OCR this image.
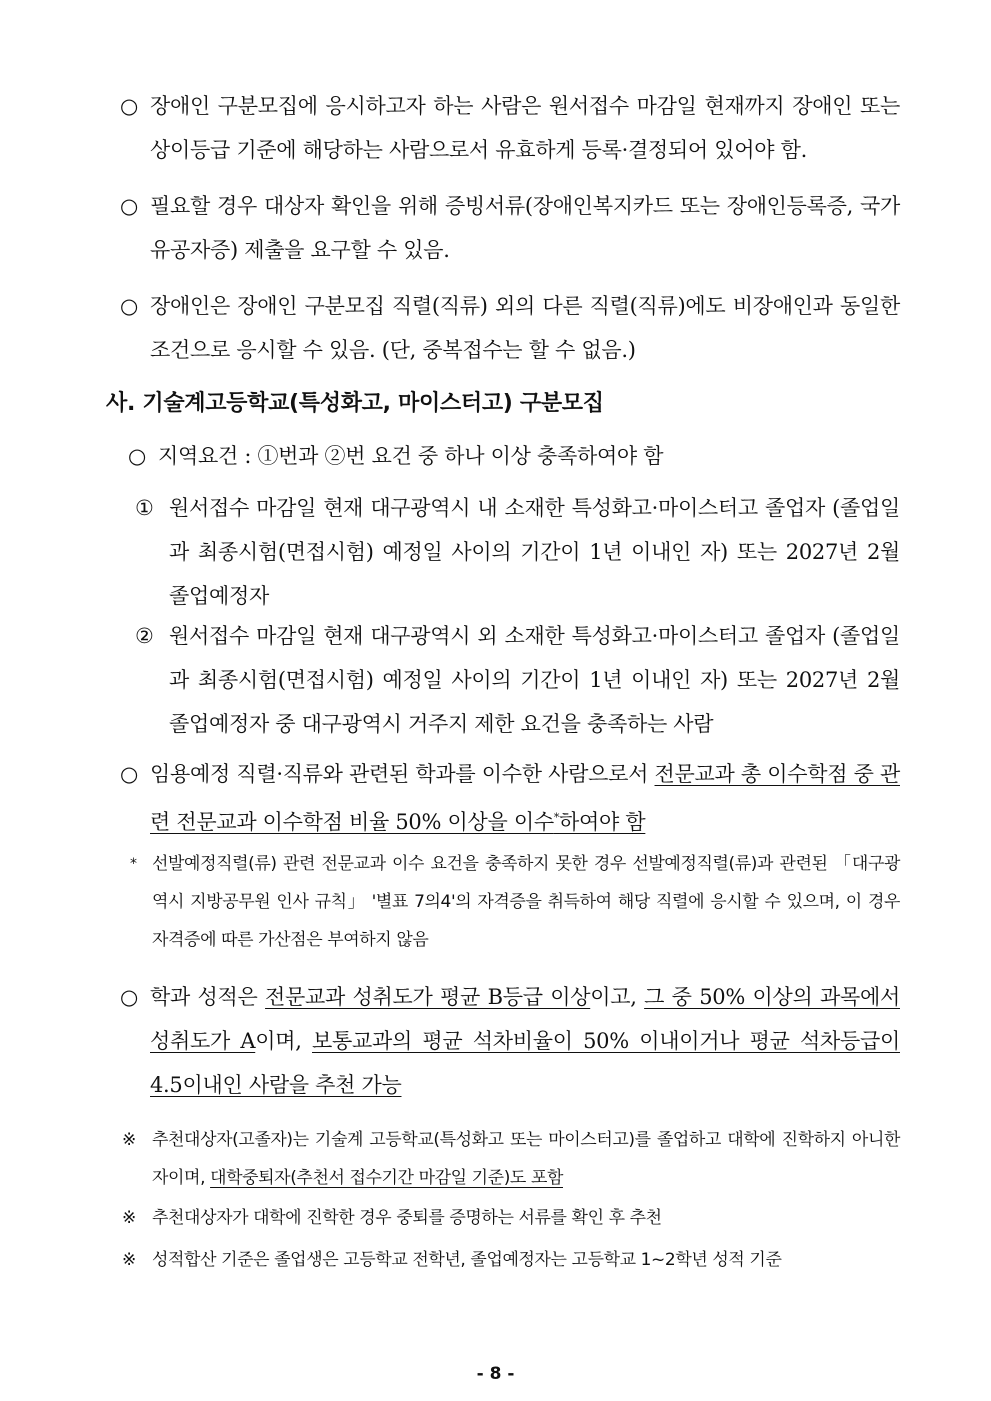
○ 장애인 구분모집에 응시하고자 하는 사람은 원서접수 마감일 현재까지 장애인 또는 상이등급 기준에 해당하는 사람으로서 유효하게 등록·결정되어 있어야 함.
○ 필요할 경우 대상자 확인을 위해 증빙서류(장애인복지카드 또는 장애인등록증, 국가유공자증) 제출을 요구할 수 있음.
○ 장애인은 장애인 구분모집 직렬(직류) 외의 다른 직렬(직류)에도 비장애인과 동일한 조건으로 응시할 수 있음. (단, 중복접수는 할 수 없음.)
사. 기술계고등학교(특성화고, 마이스터고) 구분모집
○ 지역요건 : ①번과 ②번 요건 중 하나 이상 충족하여야 함
① 원서접수 마감일 현재 대구광역시 내 소재한 특성화고·마이스터고 졸업자 (졸업일과 최종시험(면접시험) 예정일 사이의 기간이 1년 이내인 자) 또는 2027년 2월 졸업예정자
② 원서접수 마감일 현재 대구광역시 외 소재한 특성화고·마이스터고 졸업자 (졸업일과 최종시험(면접시험) 예정일 사이의 기간이 1년 이내인 자) 또는 2027년 2월 졸업예정자 중 대구광역시 거주지 제한 요건을 충족하는 사람
○ 임용예정 직렬·직류와 관련된 학과를 이수한 사람으로서 전문교과 총 이수학점 중 관련 전문교과 이수학점 비율 50% 이상을 이수*하여야 함
* 선발예정직렬(류) 관련 전문교과 이수 요건을 충족하지 못한 경우 선발예정직렬(류)과 관련된 「대구광역시 지방공무원 인사 규칙」 '별표 7의4'의 자격증을 취득하여 해당 직렬에 응시할 수 있으며, 이 경우 자격증에 따른 가산점은 부여하지 않음
○ 학과 성적은 전문교과 성취도가 평균 B등급 이상이고, 그 중 50% 이상의 과목에서 성취도가 A이며, 보통교과의 평균 석차비율이 50% 이내이거나 평균 석차등급이 4.5이내인 사람을 추천 가능
※ 추천대상자(고졸자)는 기술계 고등학교(특성화고 또는 마이스터고)를 졸업하고 대학에 진학하지 아니한 자이며, 대학중퇴자(추천서 접수기간 마감일 기준)도 포함
※ 추천대상자가 대학에 진학한 경우 중퇴를 증명하는 서류를 확인 후 추천
※ 성적합산 기준은 졸업생은 고등학교 전학년, 졸업예정자는 고등학교 1~2학년 성적 기준
- 8 -
